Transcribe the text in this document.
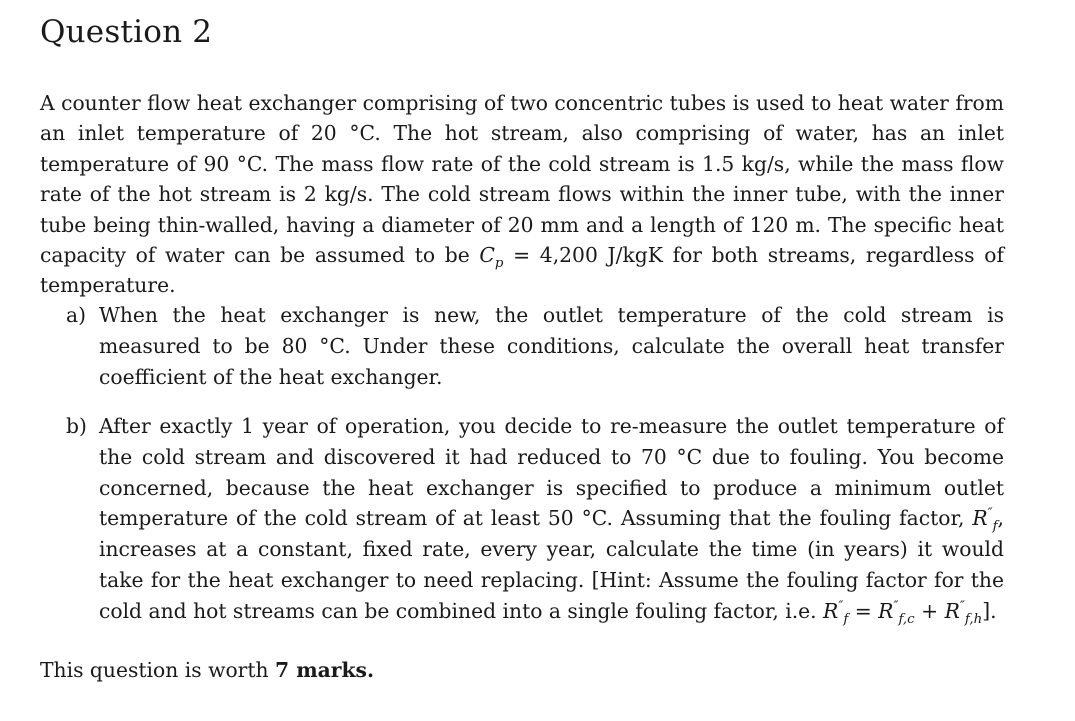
Question 2

A counter flow heat exchanger comprising of two concentric tubes is used to heat water from an inlet temperature of 20 °C. The hot stream, also comprising of water, has an inlet temperature of 90 °C. The mass flow rate of the cold stream is 1.5 kg/s, while the mass flow rate of the hot stream is 2 kg/s. The cold stream flows within the inner tube, with the inner tube being thin-walled, having a diameter of 20 mm and a length of 120 m. The specific heat capacity of water can be assumed to be $C_p = 4,200$ J/kgK for both streams, regardless of temperature.

a) When the heat exchanger is new, the outlet temperature of the cold stream is measured to be 80 °C. Under these conditions, calculate the overall heat transfer coefficient of the heat exchanger.
b) After exactly 1 year of operation, you decide to re-measure the outlet temperature of the cold stream and discovered it had reduced to 70 °C due to fouling. You become concerned, because the heat exchanger is specified to produce a minimum outlet temperature of the cold stream of at least 50 °C. Assuming that the fouling factor, $R''_f$, increases at a constant, fixed rate, every year, calculate the time (in years) it would take for the heat exchanger to need replacing. [Hint: Assume the fouling factor for the cold and hot streams can be combined into a single fouling factor, i.e. $R''_f = R''_{f,c} + R''_{f,h}$].
This question is worth 7 marks.
